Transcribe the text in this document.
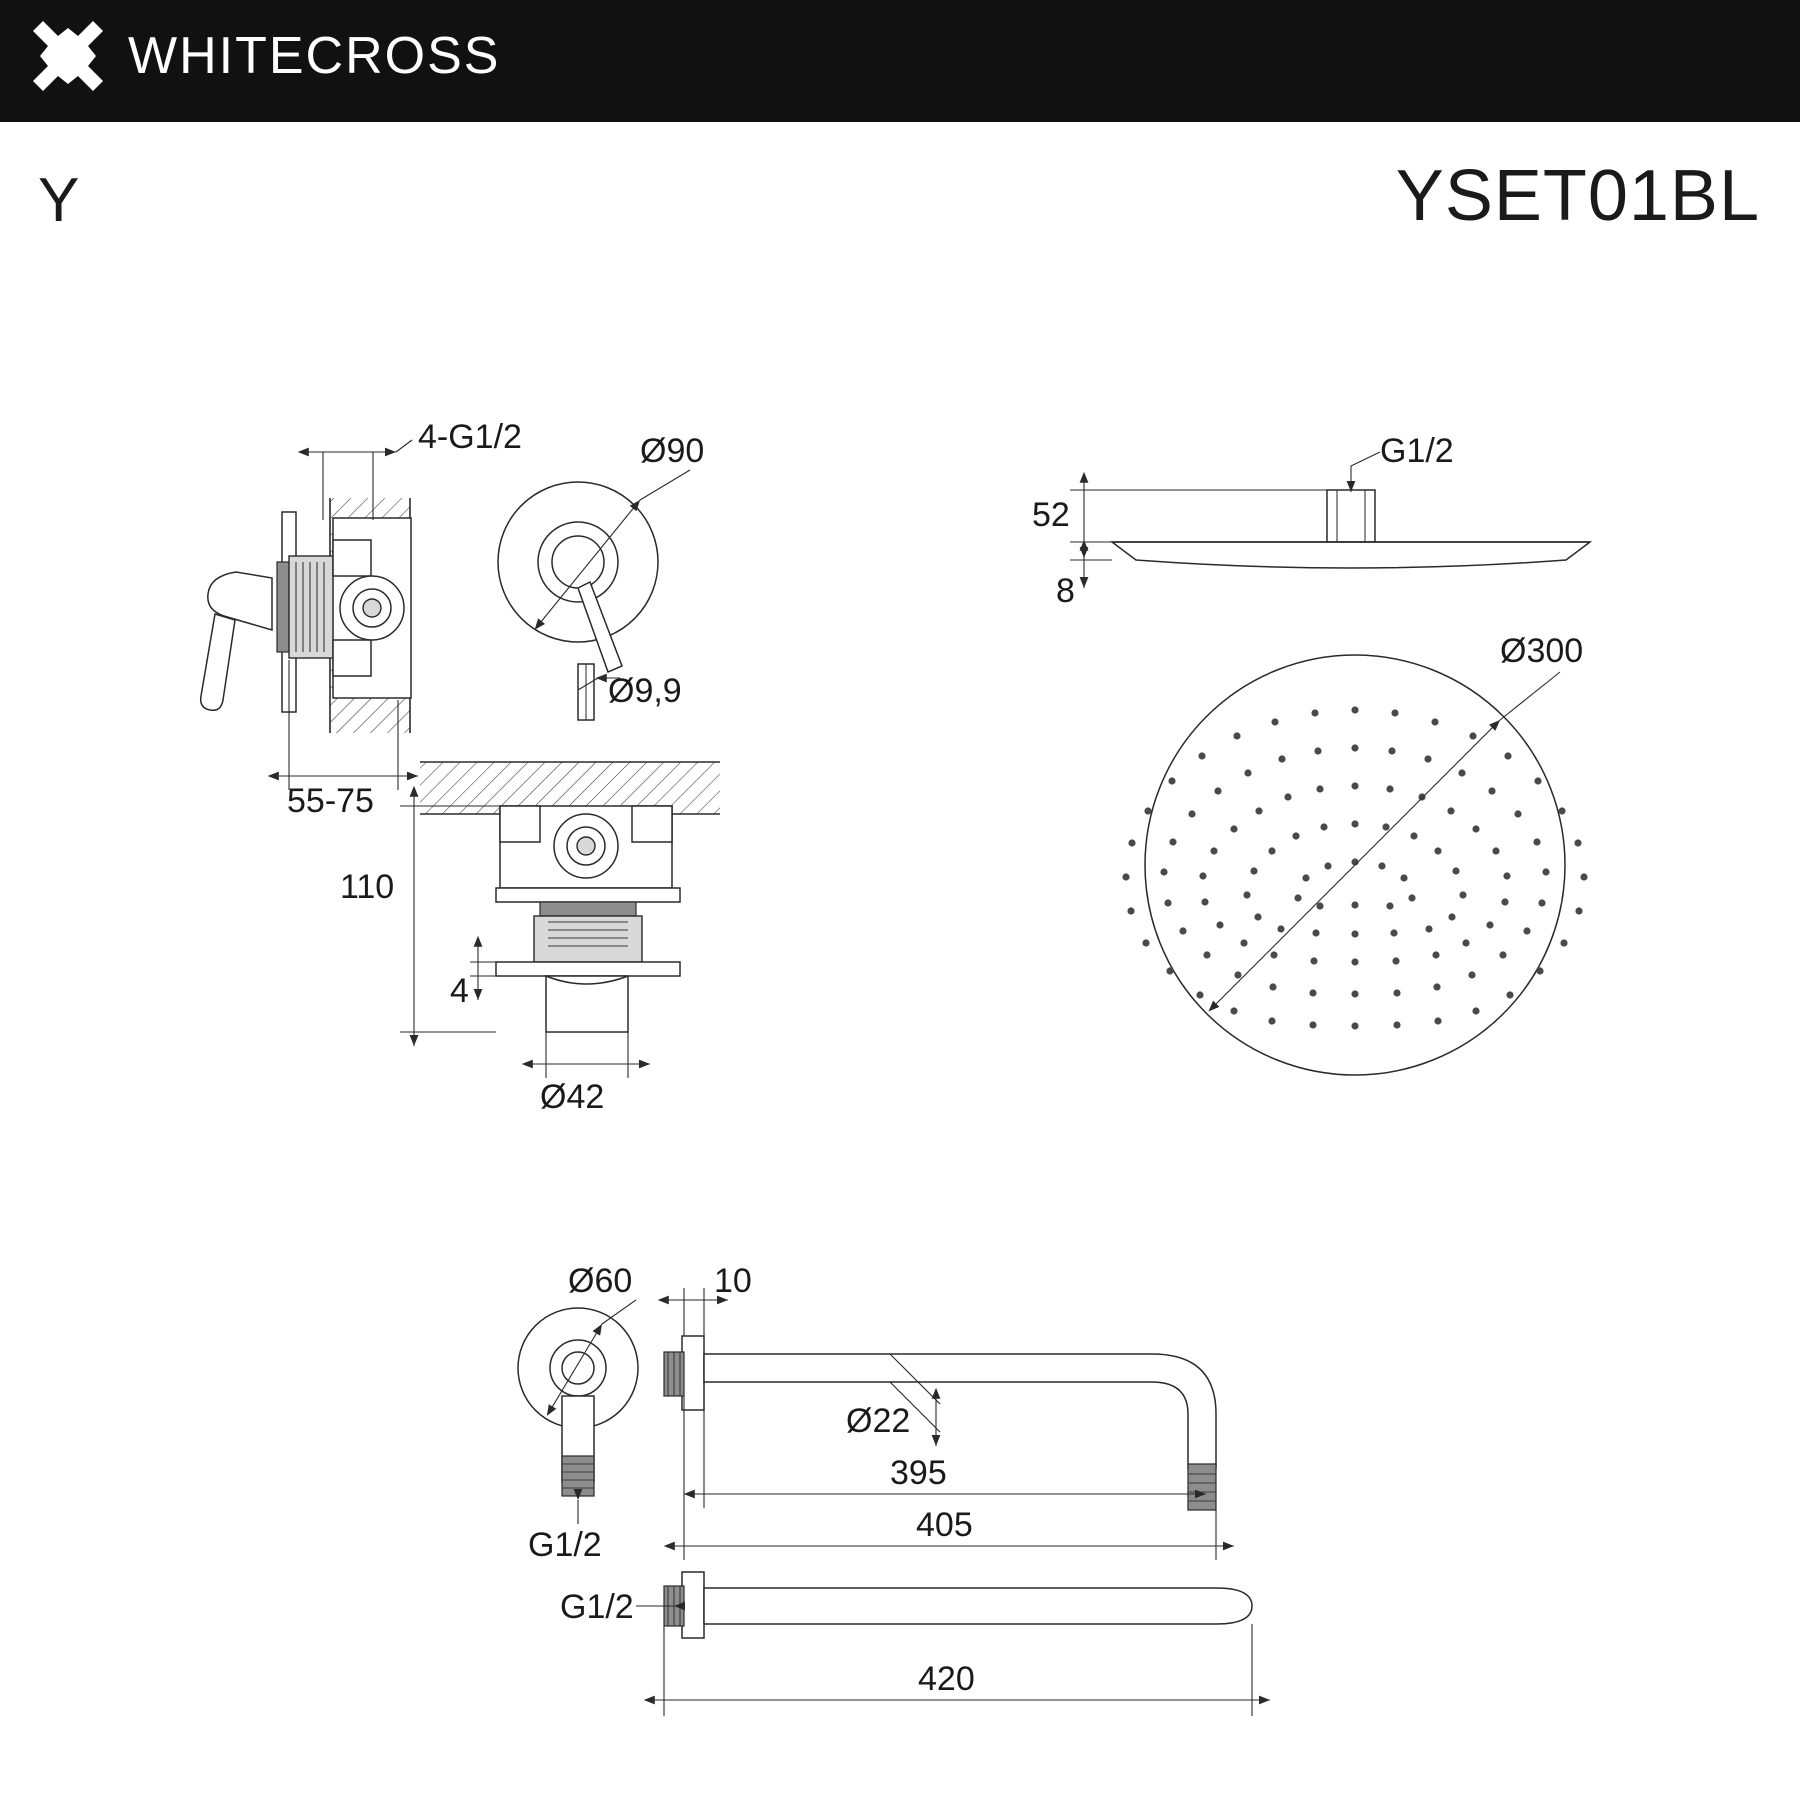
WHITECROSS
Y	YSET01BL
4-G1/2
55-75
Ø90
Ø9,9
110
4
Ø42
G1/2
52
8
Ø300
Ø60
G1/2
10
Ø22
395
405
G1/2
420
